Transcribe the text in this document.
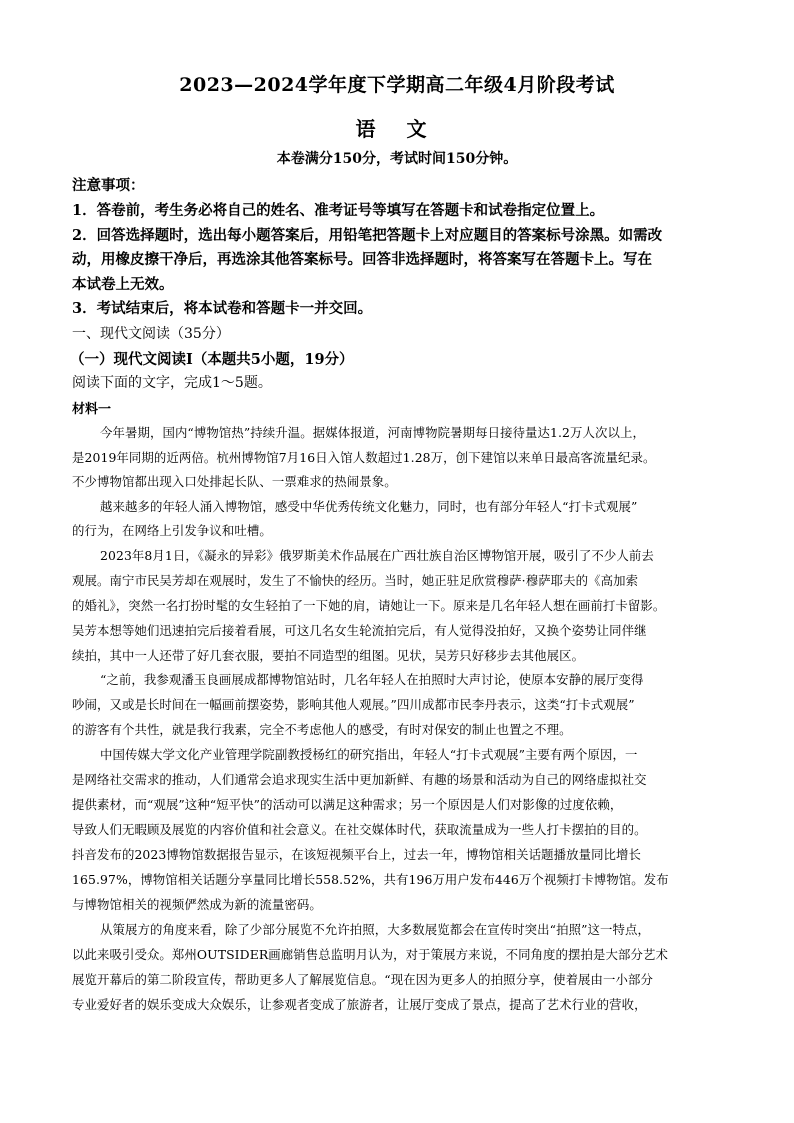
2023—2024学年度下学期高二年级4月阶段考试
语 文
本卷满分150分，考试时间150分钟。
注意事项：
1．答卷前，考生务必将自己的姓名、准考证号等填写在答题卡和试卷指定位置上。
2．回答选择题时，选出每小题答案后，用铅笔把答题卡上对应题目的答案标号涂黑。如需改
动，用橡皮擦干净后，再选涂其他答案标号。回答非选择题时，将答案写在答题卡上。写在
本试卷上无效。
3．考试结束后，将本试卷和答题卡一并交回。
一、现代文阅读（35分）
（一）现代文阅读Ⅰ（本题共5小题，19分）
阅读下面的文字，完成1～5题。
材料一
今年暑期，国内“博物馆热”持续升温。据媒体报道，河南博物院暑期每日接待量达1.2万人次以上，
是2019年同期的近两倍。杭州博物馆7月16日入馆人数超过1.28万，创下建馆以来单日最高客流量纪录。
不少博物馆都出现入口处排起长队、一票难求的热闹景象。
越来越多的年轻人涌入博物馆，感受中华优秀传统文化魅力，同时，也有部分年轻人“打卡式观展”
的行为，在网络上引发争议和吐槽。
2023年8月1日，《凝永的异彩》俄罗斯美术作品展在广西壮族自治区博物馆开展，吸引了不少人前去
观展。南宁市民吴芳却在观展时，发生了不愉快的经历。当时，她正驻足欣赏穆萨·穆萨耶夫的《高加索
的婚礼》，突然一名打扮时髦的女生轻拍了一下她的肩，请她让一下。原来是几名年轻人想在画前打卡留影。
吴芳本想等她们迅速拍完后接着看展，可这几名女生轮流拍完后，有人觉得没拍好，又换个姿势让同伴继
续拍，其中一人还带了好几套衣服，要拍不同造型的组图。见状，吴芳只好移步去其他展区。
“之前，我参观潘玉良画展成都博物馆站时，几名年轻人在拍照时大声讨论，使原本安静的展厅变得
吵闹，又或是长时间在一幅画前摆姿势，影响其他人观展。”四川成都市民李丹表示，这类“打卡式观展”
的游客有个共性，就是我行我素，完全不考虑他人的感受，有时对保安的制止也置之不理。
中国传媒大学文化产业管理学院副教授杨红的研究指出，年轻人“打卡式观展”主要有两个原因，一
是网络社交需求的推动，人们通常会追求现实生活中更加新鲜、有趣的场景和活动为自己的网络虚拟社交
提供素材，而“观展”这种“短平快”的活动可以满足这种需求；另一个原因是人们对影像的过度依赖，
导致人们无暇顾及展览的内容价值和社会意义。在社交媒体时代，获取流量成为一些人打卡摆拍的目的。
抖音发布的2023博物馆数据报告显示，在该短视频平台上，过去一年，博物馆相关话题播放量同比增长
165.97%，博物馆相关话题分享量同比增长558.52%，共有196万用户发布446万个视频打卡博物馆。发布
与博物馆相关的视频俨然成为新的流量密码。
从策展方的角度来看，除了少部分展览不允许拍照，大多数展览都会在宣传时突出“拍照”这一特点，
以此来吸引受众。郑州OUTSIDER画廊销售总监明月认为，对于策展方来说，不同角度的摆拍是大部分艺术
展览开幕后的第二阶段宣传，帮助更多人了解展览信息。“现在因为更多人的拍照分享，使着展由一小部分
专业爱好者的娱乐变成大众娱乐，让参观者变成了旅游者，让展厅变成了景点，提高了艺术行业的营收，
